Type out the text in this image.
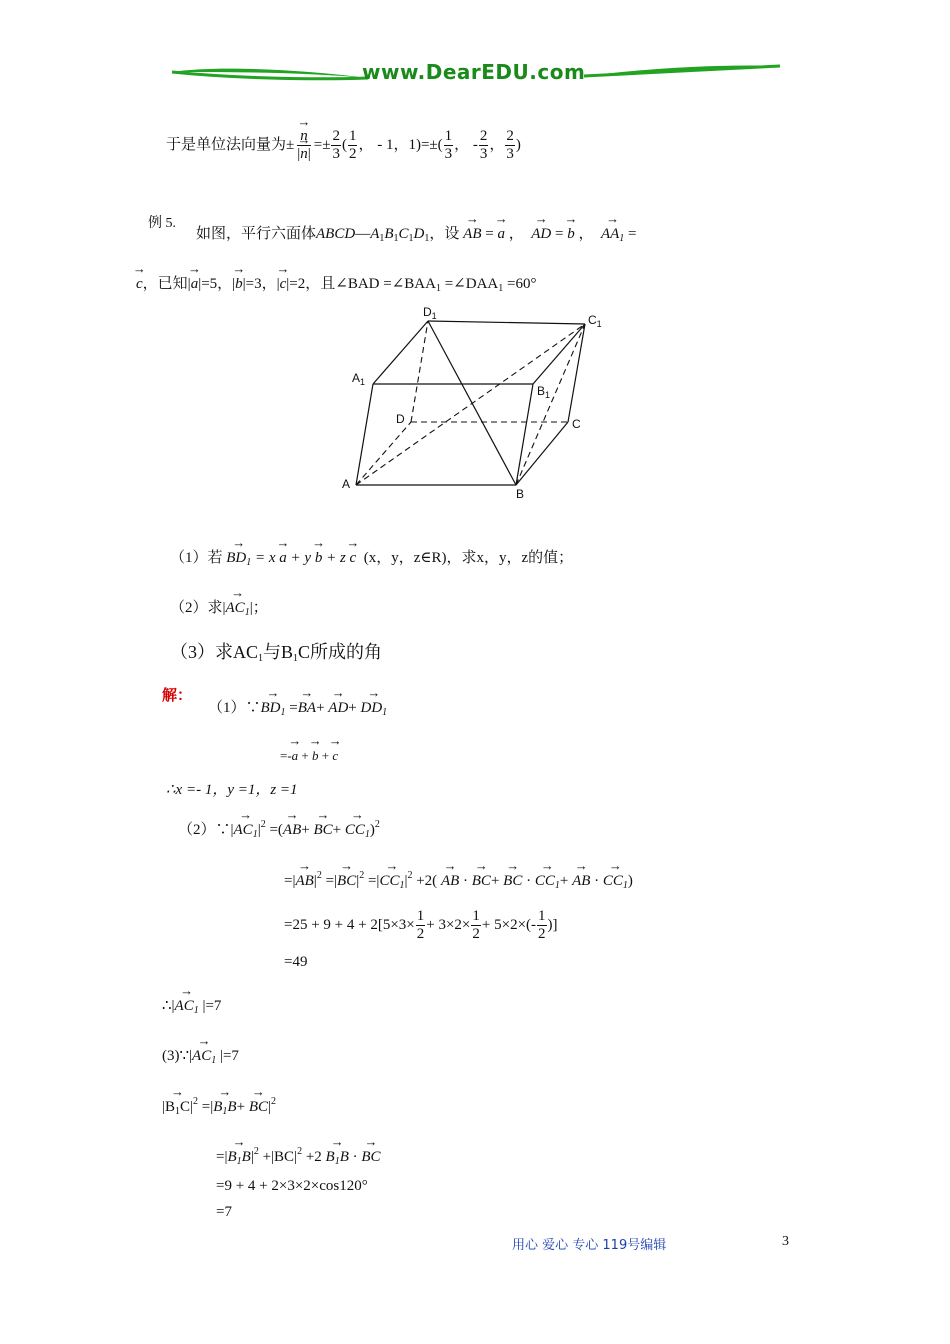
www.DearEDU.com
于是单位法向量为± → $\frac{n}{|\to n|} =\pm \frac{2}{3}$ ( $\frac{1}{2}$ ， - 1，$1)=\pm( \frac{1}{3}$ ， - $\frac{2}{3}$ ， $\frac{2}{3}$ )
例 5.
如图，平行六面体$ABCD—A_1B_1C_1D_1$，设 → AB = → a ，  → AD = → b ，  → $AA_1$ =
→ c，已知|→ a|=5，|→ b|=3，|→ c|=2，且∠BAD $=\angle BAA_1$ $=\angle DAA_1 =60^\circ$
A
B
C
D
$A_1$
$B_1$
$C_1$
$D_1$
（1）若 → $BD_1 = x \to a + y \to b + z \to c$ (x，y，z∈R)，求x，y，z的值；
（2）求|→ $AC_1|$；
（3）求$AC_1$与$B_1C$所成的角
解：
（1）∵→ $BD_1 =\to BA+ \to AD+ \to DD_1$
=-→ a + → b + → c
∴x =- 1，y =1，z =1
（2）∵|→ $AC_1|^2$ =(→ $AB+ \to BC+ \to CC_1)^2$
=|→ $AB|^2$ =|→ $BC|^2$ =|→ $CC_1|^2 +2$( → AB · → BC+ → BC · → $CC_1+$ → AB · → $CC_1$)
$=25 + 9 + 4 + 2[5\times 3\times \frac{1}{2} + 3\times 2\times \frac{1}{2} + 5\times 2\times(- \frac{1}{2}$ )]
=49
∴|→ $AC_1$ |=7
(3)∵|→ $AC_1$ |=7
→ $|B_1C|^2$ =|→ $B_1B+ \to BC|^2$
=|→ $B_1B|^2 +|BC|^2 +2 \to B_1B$ · → BC
=9 + 4 + 2×3×2×cos120°
=7
用心 爱心 专心 119号编辑	3
